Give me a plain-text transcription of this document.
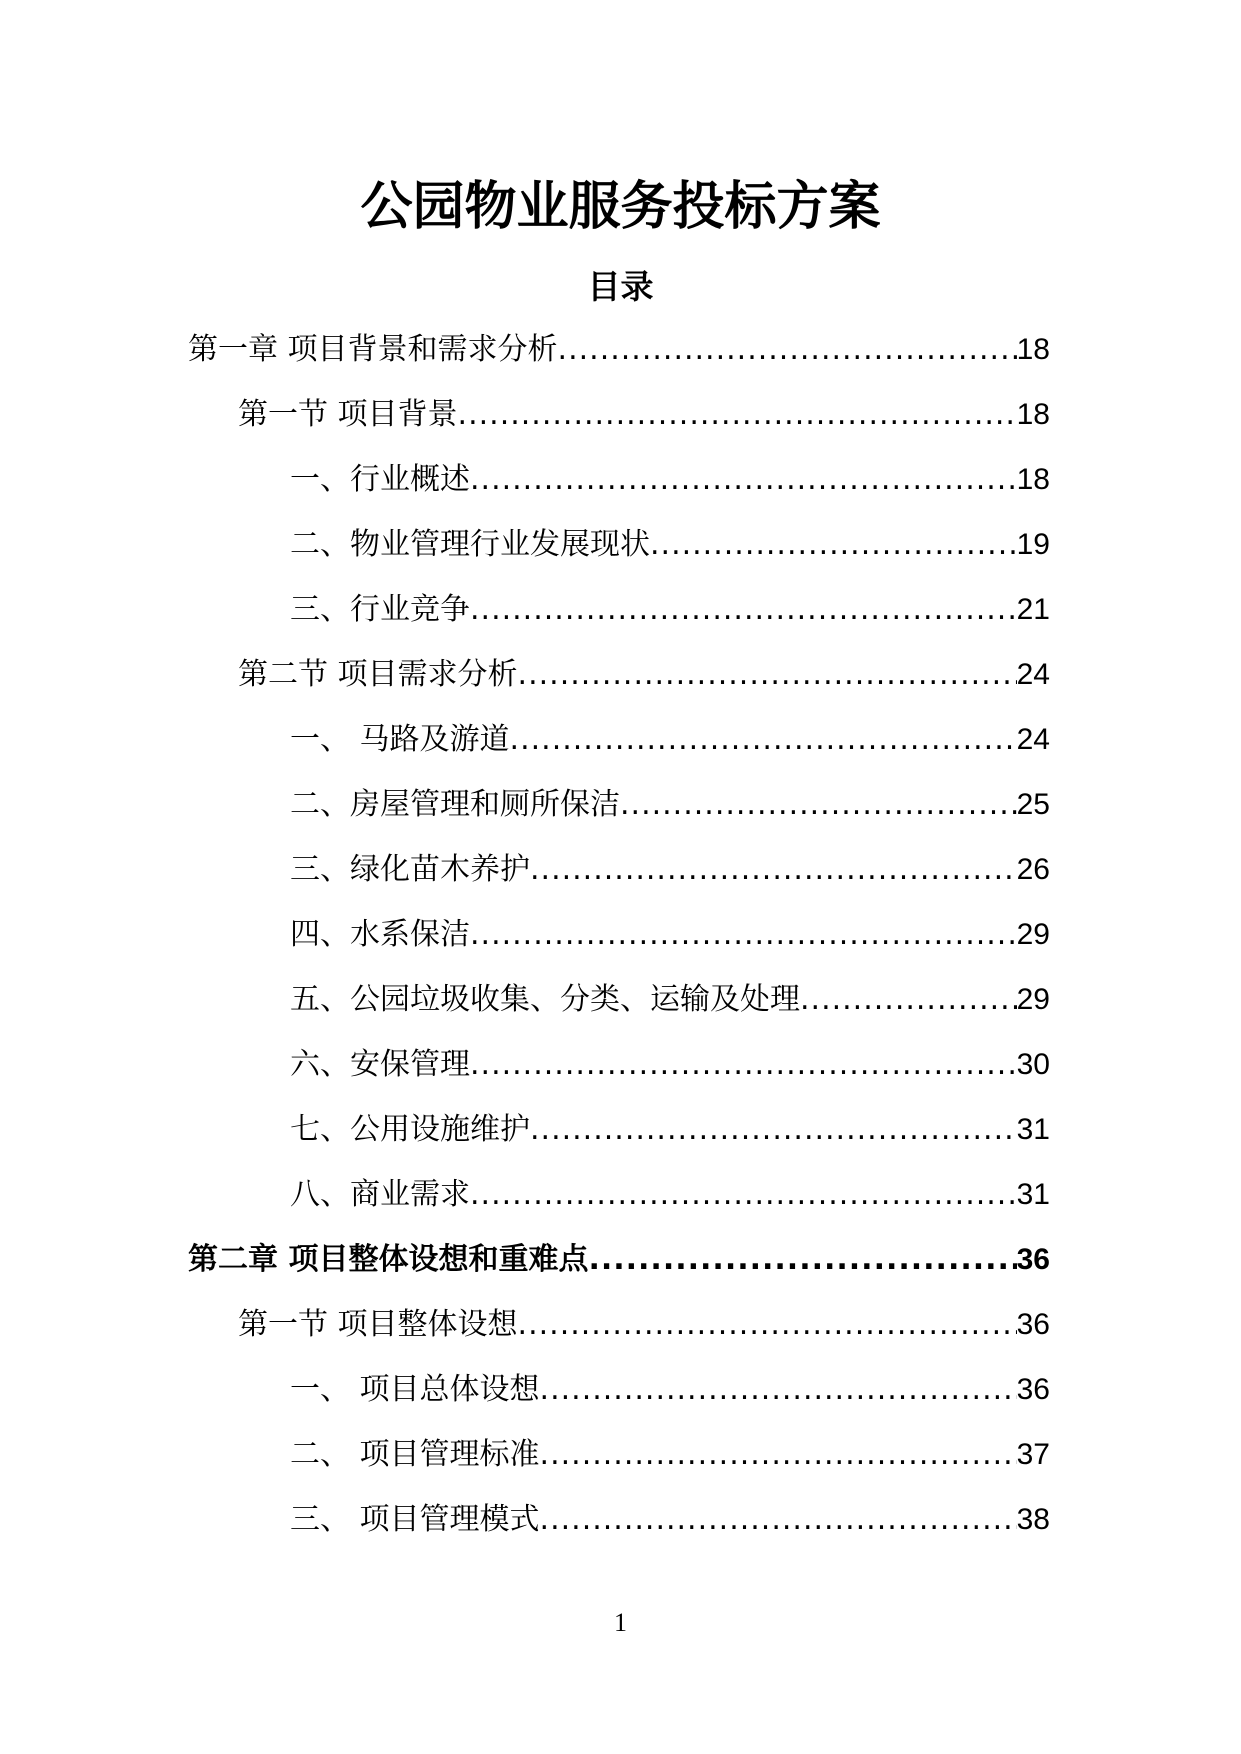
公园物业服务投标方案
目录
第一章 项目背景和需求分析 .....	18
第一节 项目背景 .....	18
一、行业概述 .....	18
二、物业管理行业发展现状 .....	19
三、行业竞争 .....	21
第二节 项目需求分析 .....	24
一、 马路及游道 .....	24
二、房屋管理和厕所保洁 .....	25
三、绿化苗木养护 .....	26
四、水系保洁 .....	29
五、公园垃圾收集、分类、运输及处理 .....	29
六、安保管理 .....	30
七、公用设施维护 .....	31
八、商业需求 .....	31
第二章 项目整体设想和重难点 .....	36
第一节 项目整体设想 .....	36
一、 项目总体设想 .....	36
二、 项目管理标准 .....	37
三、 项目管理模式 .....	38
1
